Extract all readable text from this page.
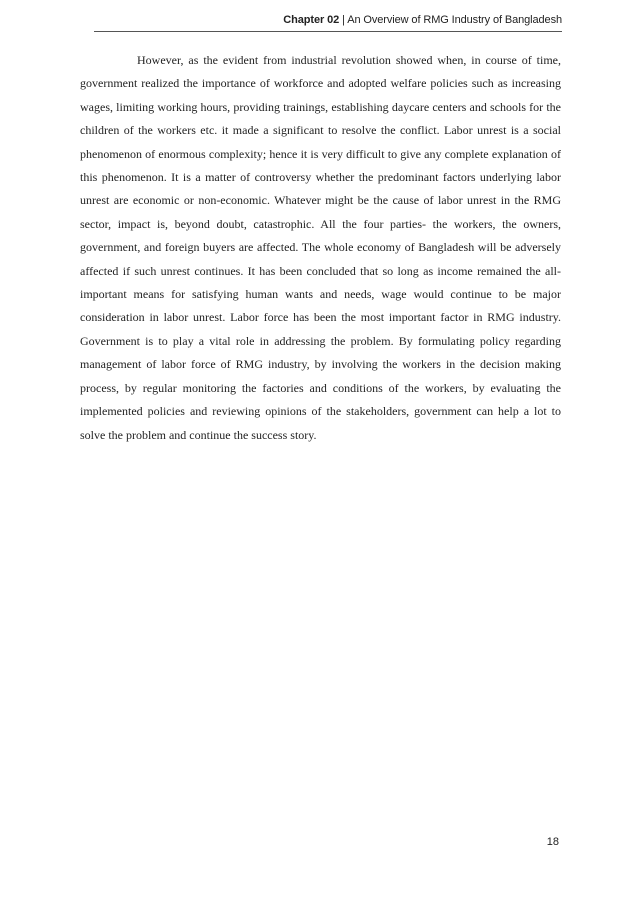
Chapter 02 | An Overview of RMG Industry of Bangladesh

However, as the evident from industrial revolution showed when, in course of time, government realized the importance of workforce and adopted welfare policies such as increasing wages, limiting working hours, providing trainings, establishing daycare centers and schools for the children of the workers etc. it made a significant to resolve the conflict. Labor unrest is a social phenomenon of enormous complexity; hence it is very difficult to give any complete explanation of this phenomenon. It is a matter of controversy whether the predominant factors underlying labor unrest are economic or non-economic. Whatever might be the cause of labor unrest in the RMG sector, impact is, beyond doubt, catastrophic. All the four parties- the workers, the owners, government, and foreign buyers are affected. The whole economy of Bangladesh will be adversely affected if such unrest continues. It has been concluded that so long as income remained the all-important means for satisfying human wants and needs, wage would continue to be major consideration in labor unrest. Labor force has been the most important factor in RMG industry. Government is to play a vital role in addressing the problem. By formulating policy regarding management of labor force of RMG industry, by involving the workers in the decision making process, by regular monitoring the factories and conditions of the workers, by evaluating the implemented policies and reviewing opinions of the stakeholders, government can help a lot to solve the problem and continue the success story.

18
